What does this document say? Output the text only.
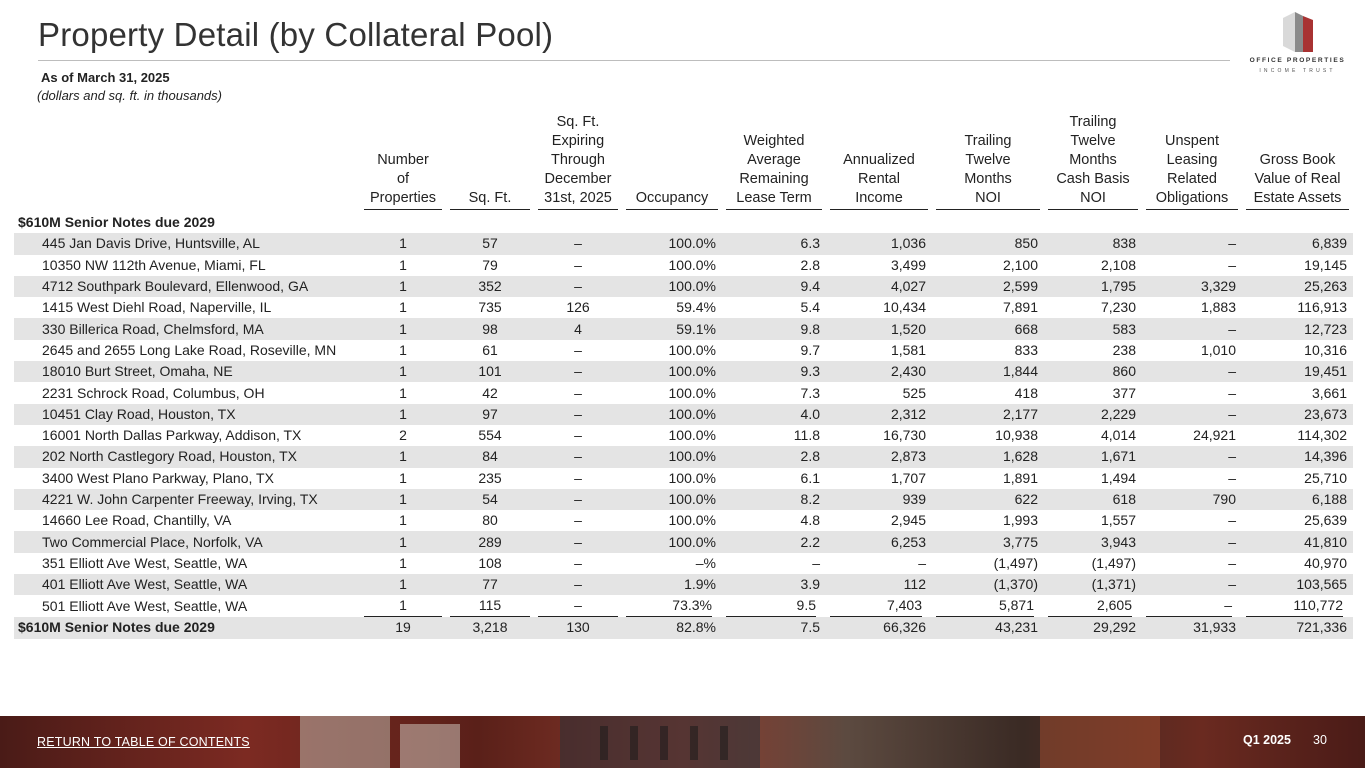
Property Detail (by Collateral Pool)
OFFICE PROPERTIES
INCOME TRUST
As of March 31, 2025
(dollars and sq. ft. in thousands)

	Number
of
Properties	Sq. Ft.	Sq. Ft.
Expiring
Through
December
31st, 2025	Occupancy	Weighted
Average
Remaining
Lease Term	Annualized
Rental
Income	Trailing
Twelve
Months
NOI	Trailing
Twelve
Months
Cash Basis
NOI	Unspent
Leasing
Related
Obligations	Gross Book
Value of Real
Estate Assets

$610M Senior Notes due 2029										
445 Jan Davis Drive, Huntsville, AL	1	57	–	100.0%	6.3	1,036	850	838	–	6,839
10350 NW 112th Avenue, Miami, FL	1	79	–	100.0%	2.8	3,499	2,100	2,108	–	19,145
4712 Southpark Boulevard, Ellenwood, GA	1	352	–	100.0%	9.4	4,027	2,599	1,795	3,329	25,263
1415 West Diehl Road, Naperville, IL	1	735	126	59.4%	5.4	10,434	7,891	7,230	1,883	116,913
330 Billerica Road, Chelmsford, MA	1	98	4	59.1%	9.8	1,520	668	583	–	12,723
2645 and 2655 Long Lake Road, Roseville, MN	1	61	–	100.0%	9.7	1,581	833	238	1,010	10,316
18010 Burt Street, Omaha, NE	1	101	–	100.0%	9.3	2,430	1,844	860	–	19,451
2231 Schrock Road, Columbus, OH	1	42	–	100.0%	7.3	525	418	377	–	3,661
10451 Clay Road, Houston, TX	1	97	–	100.0%	4.0	2,312	2,177	2,229	–	23,673
16001 North Dallas Parkway, Addison, TX	2	554	–	100.0%	11.8	16,730	10,938	4,014	24,921	114,302
202 North Castlegory Road, Houston, TX	1	84	–	100.0%	2.8	2,873	1,628	1,671	–	14,396
3400 West Plano Parkway, Plano, TX	1	235	–	100.0%	6.1	1,707	1,891	1,494	–	25,710
4221 W. John Carpenter Freeway, Irving, TX	1	54	–	100.0%	8.2	939	622	618	790	6,188
14660 Lee Road, Chantilly, VA	1	80	–	100.0%	4.8	2,945	1,993	1,557	–	25,639
Two Commercial Place, Norfolk, VA	1	289	–	100.0%	2.2	6,253	3,775	3,943	–	41,810
351 Elliott Ave West, Seattle, WA	1	108	–	–%	–	–	(1,497)	(1,497)	–	40,970
401 Elliott Ave West, Seattle, WA	1	77	–	1.9%	3.9	112	(1,370)	(1,371)	–	103,565
501 Elliott Ave West, Seattle, WA	1	115	–	73.3%	9.5	7,403	5,871	2,605	–	110,772

$610M Senior Notes due 2029	19	3,218	130	82.8%	7.5	66,326	43,231	29,292	31,933	721,336
RETURN TO TABLE OF CONTENTS	Q1 2025 30
